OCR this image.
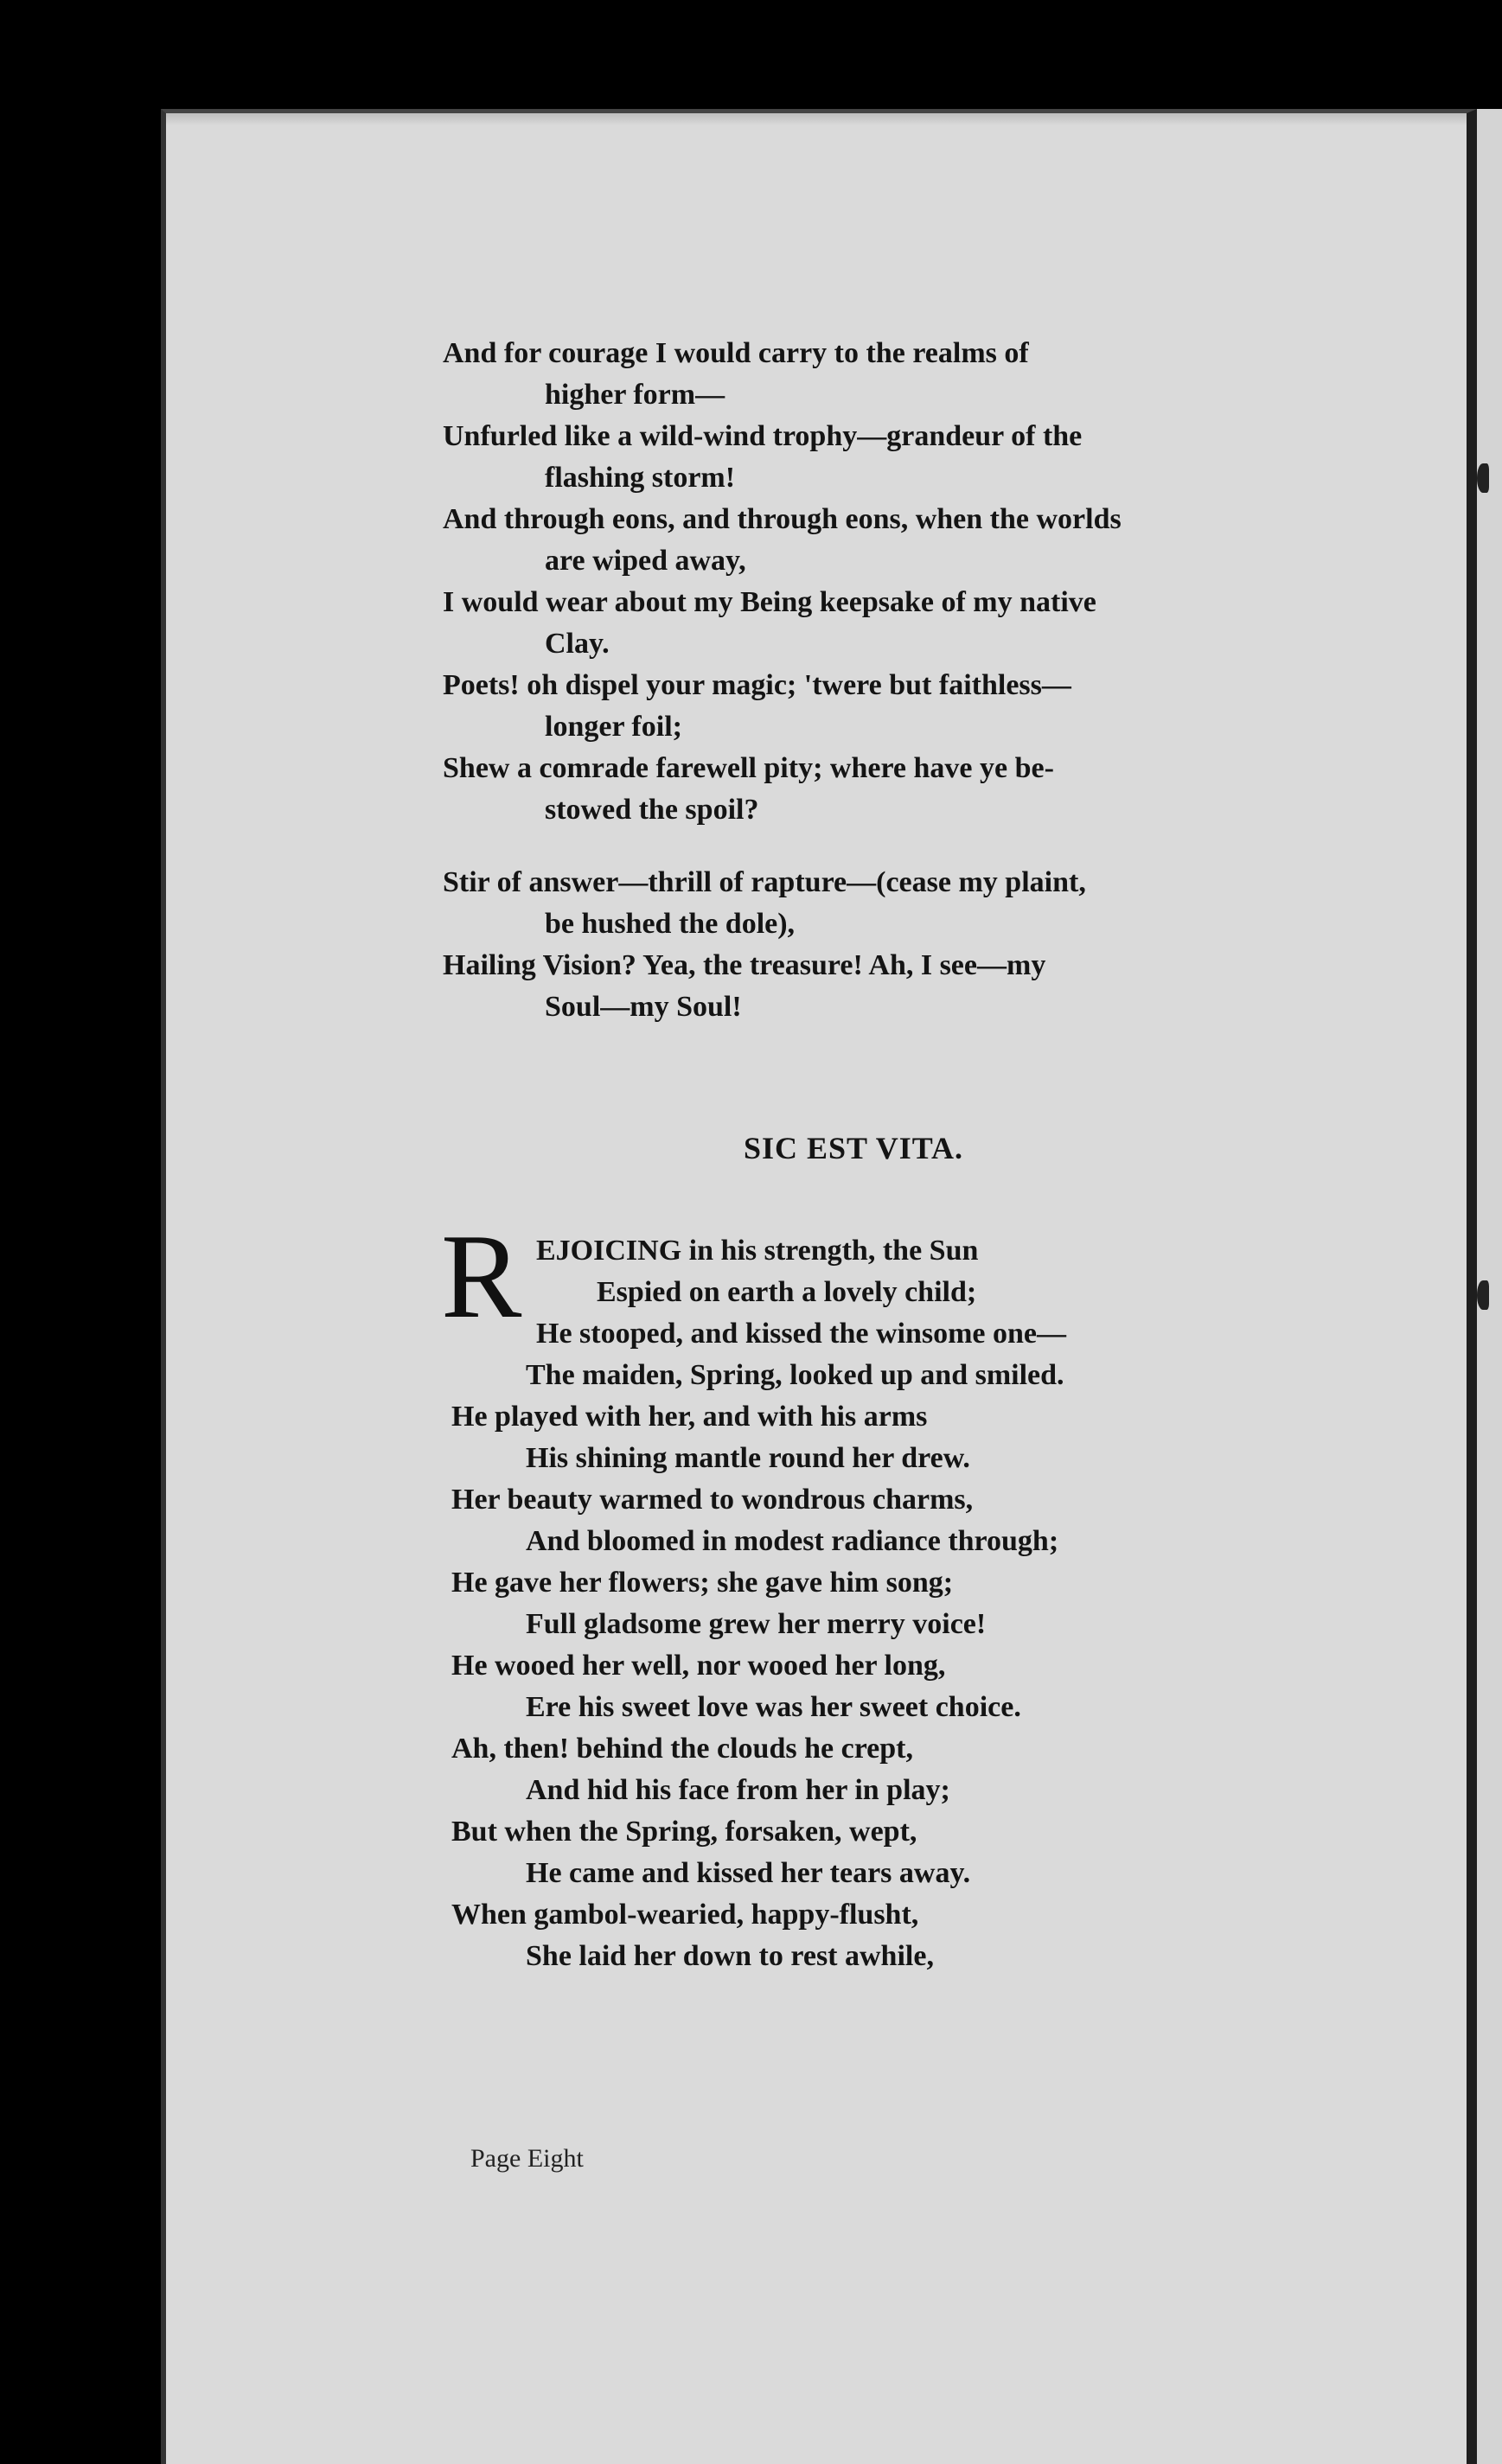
And for courage I would carry to the realms of
higher form—
Unfurled like a wild-wind trophy—grandeur of the
flashing storm!
And through eons, and through eons, when the worlds
are wiped away,
I would wear about my Being keepsake of my native
Clay.
Poets! oh dispel your magic; 'twere but faithless—
longer foil;
Shew a comrade farewell pity; where have ye be-
stowed the spoil?
Stir of answer—thrill of rapture—(cease my plaint,
be hushed the dole),
Hailing Vision? Yea, the treasure! Ah, I see—my
Soul—my Soul!
SIC EST VITA.
R EJOICING in his strength, the Sun
Espied on earth a lovely child;
He stooped, and kissed the winsome one—
The maiden, Spring, looked up and smiled.
He played with her, and with his arms
His shining mantle round her drew.
Her beauty warmed to wondrous charms,
And bloomed in modest radiance through;
He gave her flowers; she gave him song;
Full gladsome grew her merry voice!
He wooed her well, nor wooed her long,
Ere his sweet love was her sweet choice.
Ah, then! behind the clouds he crept,
And hid his face from her in play;
But when the Spring, forsaken, wept,
He came and kissed her tears away.
When gambol-wearied, happy-flusht,
She laid her down to rest awhile,
Page Eight
